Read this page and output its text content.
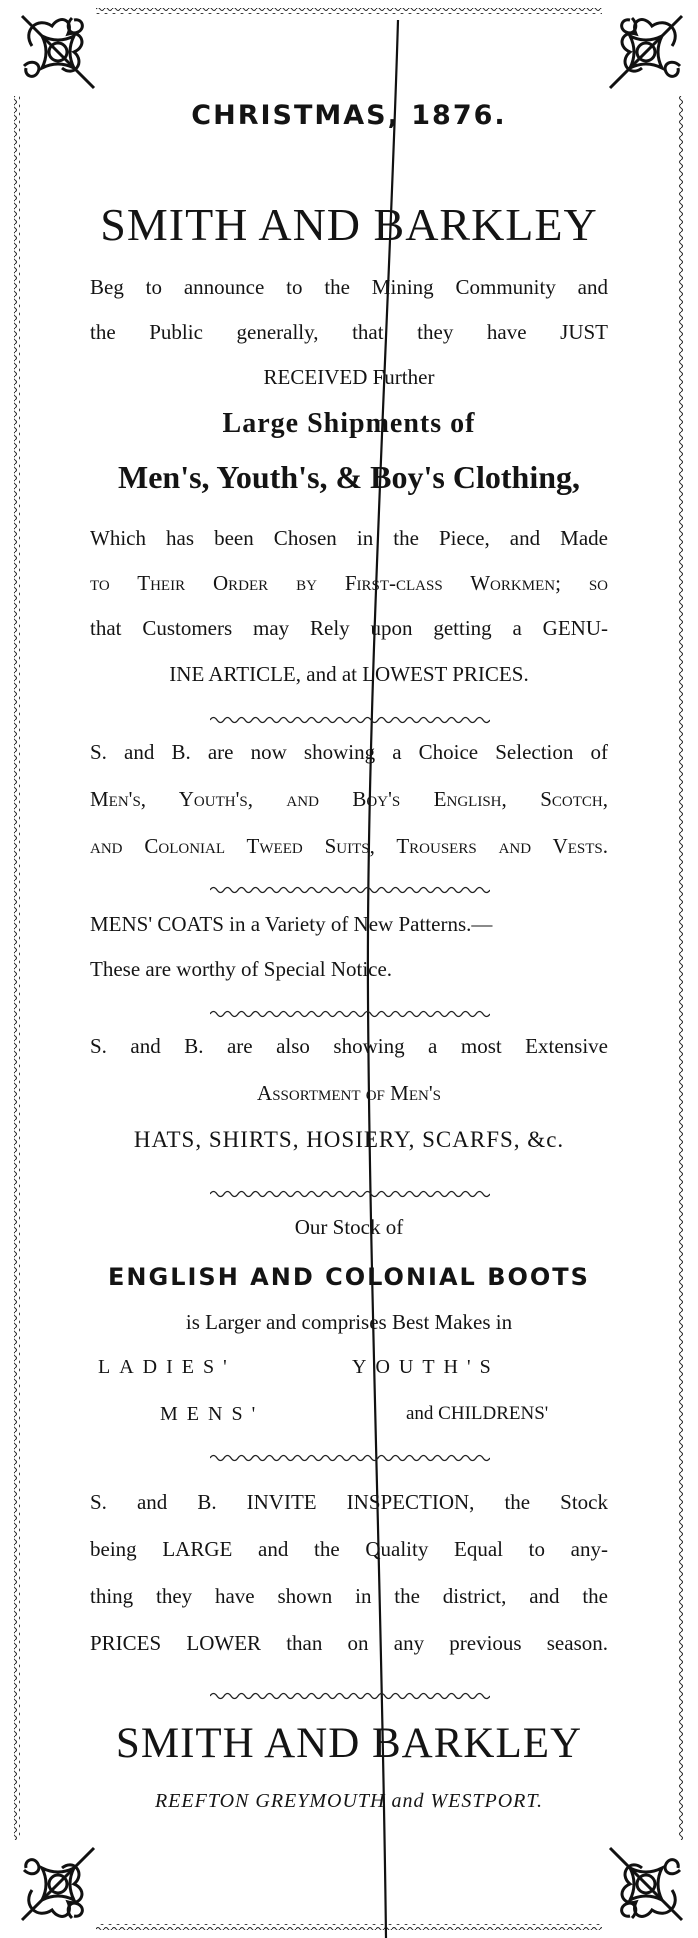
CHRISTMAS, 1876.
SMITH AND BARKLEY
Beg to announce to the Mining Community and
the Public generally, that they have JUST
RECEIVED Further
Large Shipments of
Men's, Youth's, & Boy's Clothing,
Which has been Chosen in the Piece, and Made
to Their Order by First-class Workmen; so
that Customers may Rely upon getting a GENU-
INE ARTICLE, and at LOWEST PRICES.
S. and B. are now showing a Choice Selection of
Men's, Youth's, and Boy's English, Scotch,
and Colonial Tweed Suits, Trousers and Vests.
MENS' COATS in a Variety of New Patterns.—
These are worthy of Special Notice.
S. and B. are also showing a most Extensive
Assortment of Men's
HATS, SHIRTS, HOSIERY, SCARFS, &c.
Our Stock of
ENGLISH AND COLONIAL BOOTS
is Larger and comprises Best Makes in
LADIES'	YOUTH'S
MENS'	and CHILDRENS'
S. and B. INVITE INSPECTION, the Stock
being LARGE and the Quality Equal to any-
thing they have shown in the district, and the
PRICES LOWER than on any previous season.
SMITH AND BARKLEY
REEFTON GREYMOUTH and WESTPORT.
